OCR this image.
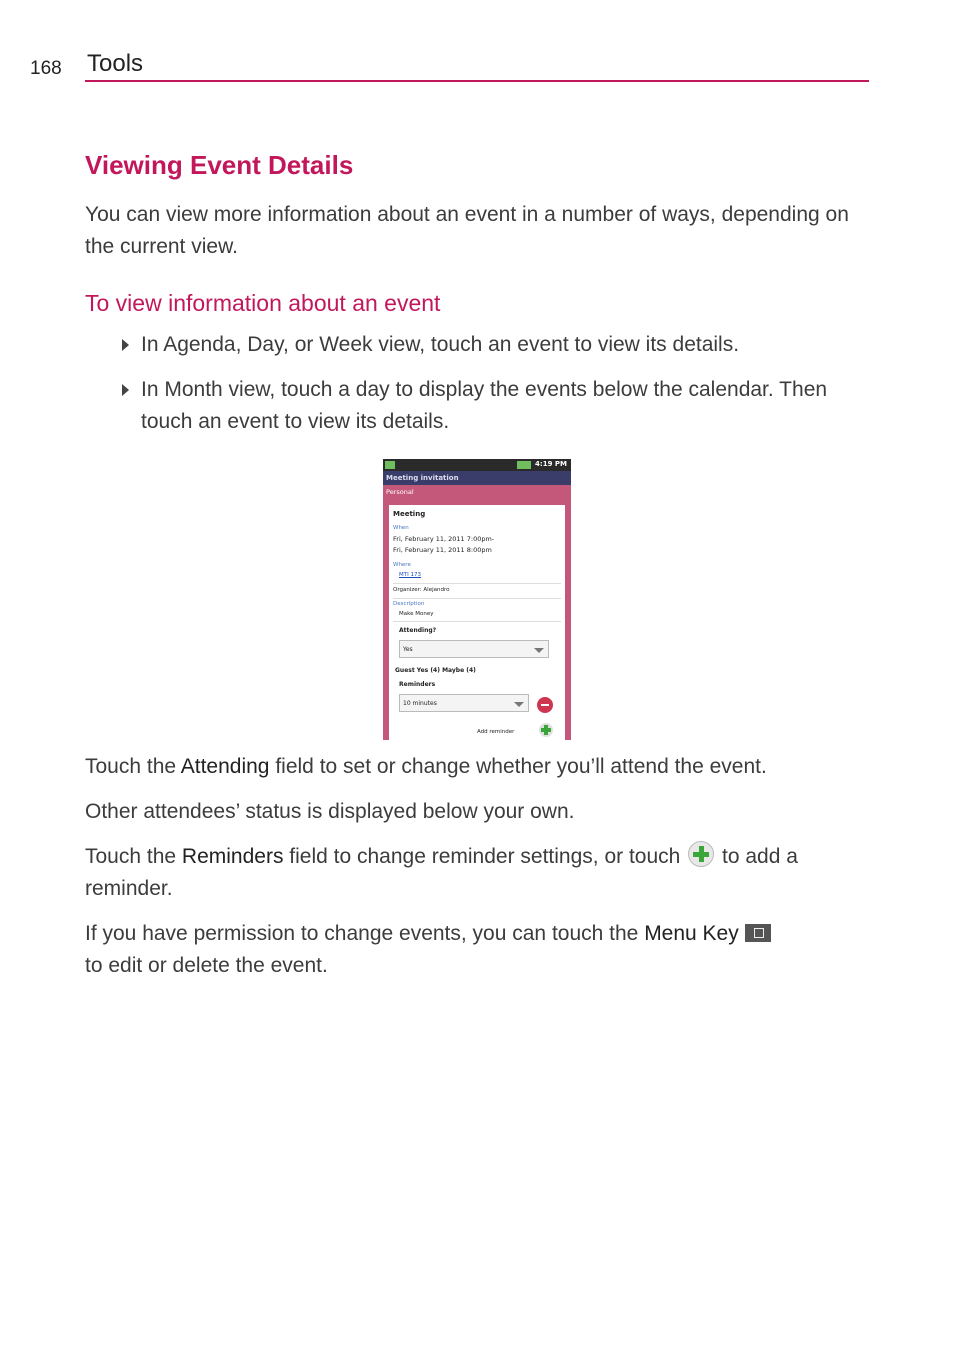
168 Tools
Viewing Event Details

You can view more information about an event in a number of ways, depending on the current view.

To view information about an event
In Agenda, Day, or Week view, touch an event to view its details.
In Month view, touch a day to display the events below the calendar. Then touch an event to view its details.
4:19 PM
Meeting invitation
Personal
Meeting
When
Fri, February 11, 2011 7:00pm-
Fri, February 11, 2011 8:00pm
Where
MTI 173
Organizer: Alejandro
Description
Make Money
Attending?
Yes
Guest Yes (4) Maybe (4)
Reminders
10 minutes
Add reminder

Touch the Attending field to set or change whether you’ll attend the event.

Other attendees’ status is displayed below your own.

Touch the Reminders field to change reminder settings, or touch  to add a reminder.

If you have permission to change events, you can touch the Menu Key
to edit or delete the event.
